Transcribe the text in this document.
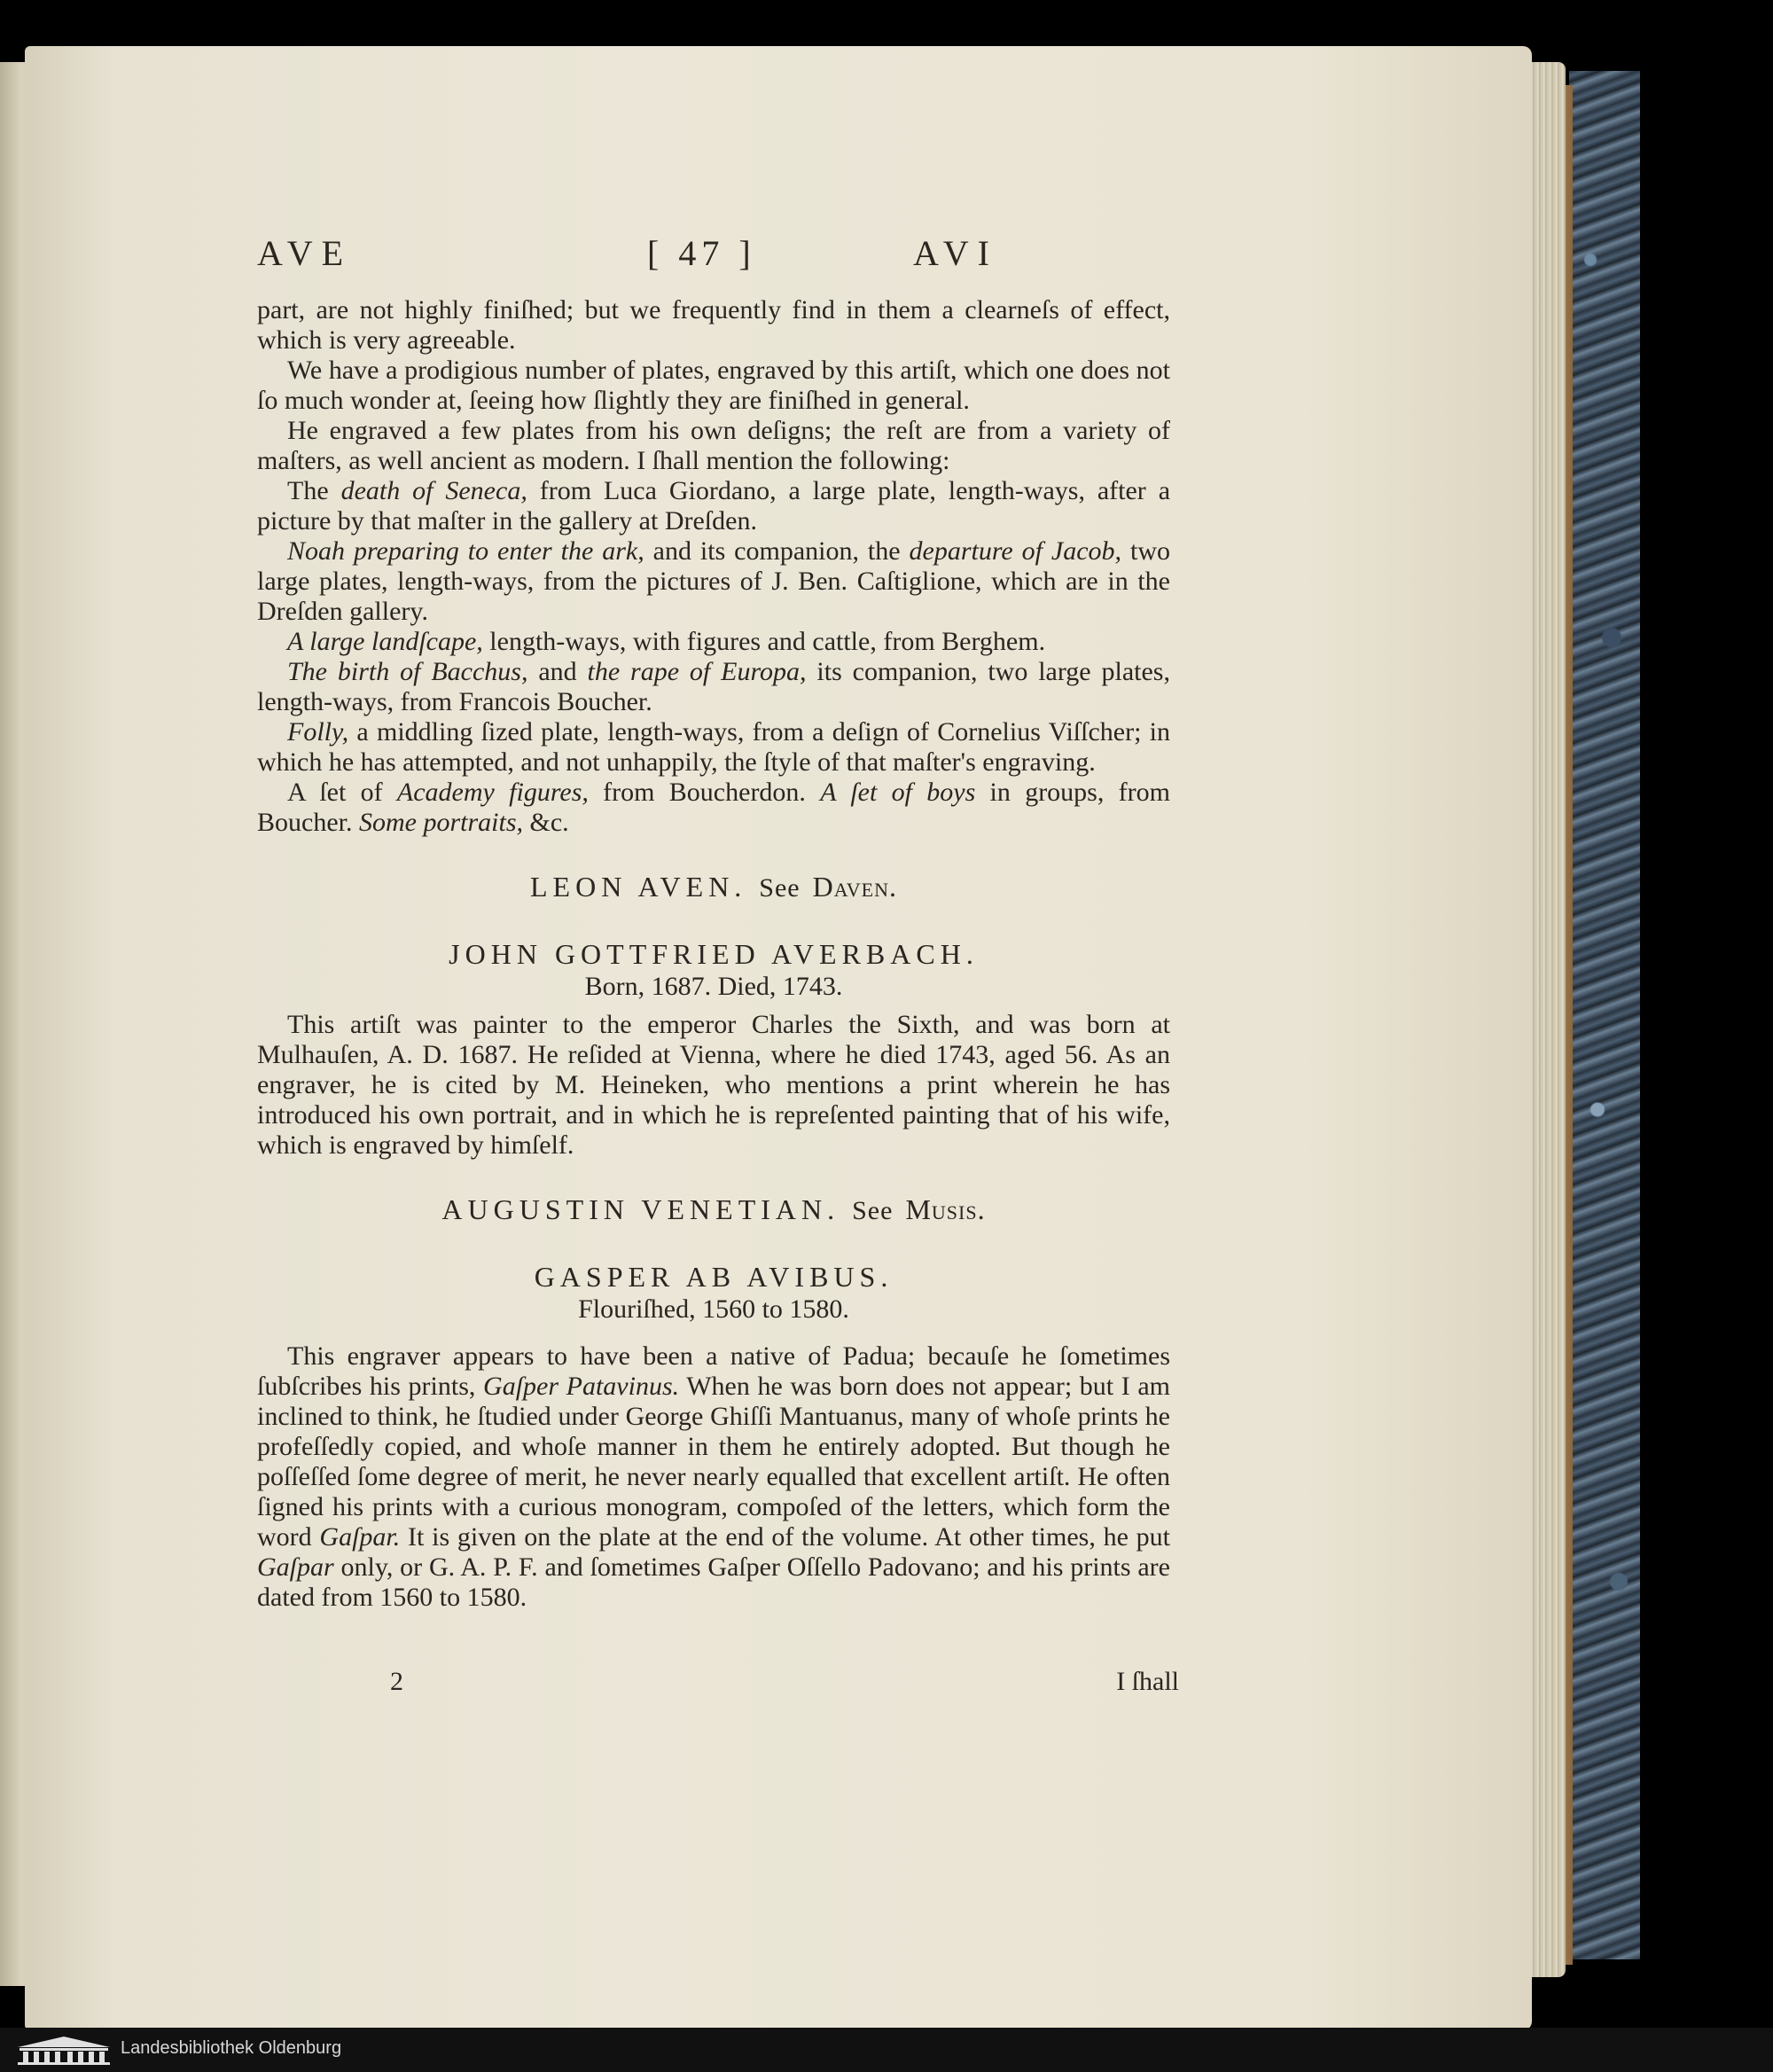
AVE	[ 47 ]	AVI

part, are not highly finiſhed; but we frequently find in them a clearneſs of effect, which is very agreeable.

We have a prodigious number of plates, engraved by this artiſt, which one does not ſo much wonder at, ſeeing how ſlightly they are finiſhed in general.

He engraved a few plates from his own deſigns; the reſt are from a variety of maſters, as well ancient as modern. I ſhall mention the following:

The death of Seneca, from Luca Giordano, a large plate, length-ways, after a picture by that maſter in the gallery at Dreſden.

Noah preparing to enter the ark, and its companion, the departure of Jacob, two large plates, length-ways, from the pictures of J. Ben. Caſtiglione, which are in the Dreſden gallery.

A large landſcape, length-ways, with figures and cattle, from Berghem.

The birth of Bacchus, and the rape of Europa, its companion, two large plates, length-ways, from Francois Boucher.

Folly, a middling ſized plate, length-ways, from a deſign of Cornelius Viſſcher; in which he has attempted, and not unhappily, the ſtyle of that maſter's engraving.

A ſet of Academy figures, from Boucherdon. A ſet of boys in groups, from Boucher. Some portraits, &c.

LEON AVEN. See Daven.

JOHN GOTTFRIED AVERBACH.

Born, 1687. Died, 1743.

This artiſt was painter to the emperor Charles the Sixth, and was born at Mulhauſen, A. D. 1687. He reſided at Vienna, where he died 1743, aged 56. As an engraver, he is cited by M. Heineken, who mentions a print wherein he has introduced his own portrait, and in which he is repreſented painting that of his wife, which is engraved by himſelf.

AUGUSTIN VENETIAN. See Musis.

GASPER AB AVIBUS.

Flouriſhed, 1560 to 1580.

This engraver appears to have been a native of Padua; becauſe he ſometimes ſubſcribes his prints, Gaſper Patavinus. When he was born does not appear; but I am inclined to think, he ſtudied under George Ghiſſi Mantuanus, many of whoſe prints he profeſſedly copied, and whoſe manner in them he entirely adopted. But though he poſſeſſed ſome degree of merit, he never nearly equalled that excellent artiſt. He often ſigned his prints with a curious monogram, compoſed of the letters, which form the word Gaſpar. It is given on the plate at the end of the volume. At other times, he put Gaſpar only, or G. A. P. F. and ſometimes Gaſper Oſſello Padovano; and his prints are dated from 1560 to 1580.

2	I ſhall
Landesbibliothek Oldenburg
